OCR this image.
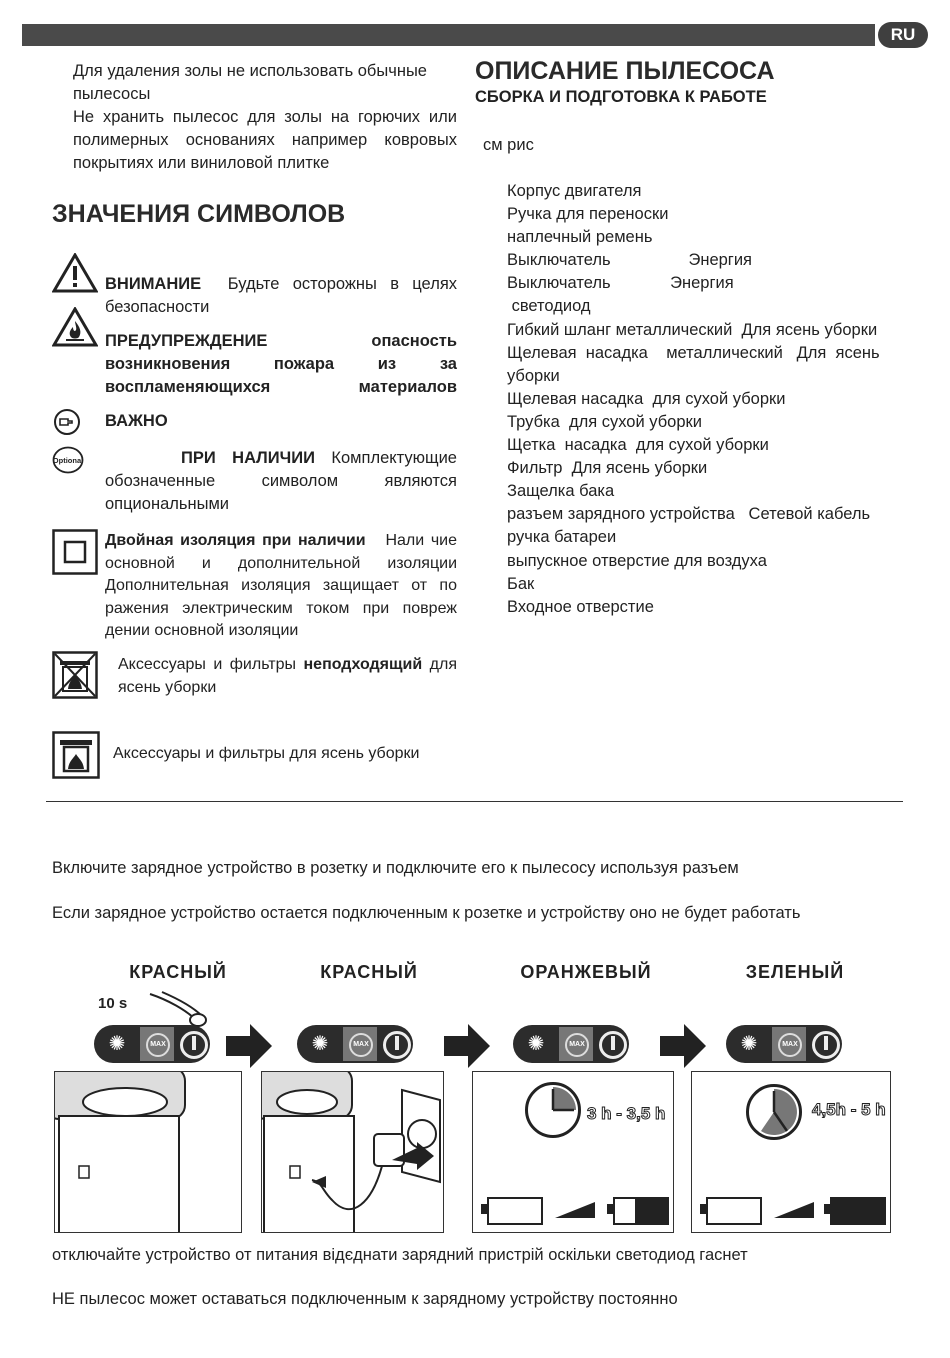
RU
Для удаления золы не использовать обычные пылесосы
Не хранить пылесос для золы на горючих или полимерных основаниях например ковровых покрытиях или виниловой плитке
ЗНАЧЕНИЯ СИМВОЛОВ
ВНИМАНИЕ Будьте осторожны в целях безопасности
ПРЕДУПРЕЖДЕНИЕ опасность возникновения пожара из за воспламеняющихся материалов
ВАЖНО
Optional	ПРИ НАЛИЧИИ Комплектующие обозначенные символом являются опциональными
Двойная изоляция при наличии Нали чие основной и дополнительной изоляции Дополнительная изоляция защищает от по ражения электрическим током при повреж дении основной изоляции
Аксессуары и фильтры неподходящий для ясень уборки
Аксессуары и фильтры для ясень уборки
ОПИСАНИЕ ПЫЛЕСОСА
СБОРКА И ПОДГОТОВКА К РАБОТЕ
см рис
Корпус двигателя
Ручка для переноски
наплечный ремень
Выключатель                 Энергия
Выключатель             Энергия
светодиод
Гибкий шланг металлический  Для ясень уборки
Щелевая  насадка    металлический   Для  ясень
уборки
Щелевая насадка  для сухой уборки
Трубка  для сухой уборки
Щетка  насадка  для сухой уборки
Фильтр  Для ясень уборки
Защелка бака
разъем зарядного устройства   Сетевой кабель
ручка батареи
выпускное отверстие для воздуха
Бак
Входное отверстие
Включите зарядное устройство в розетку и подключите его к пылесосу используя разъем
Если зарядное устройство остается подключенным к розетке и устройству оно не будет работать
КРАСНЫЙ	КРАСНЫЙ	ОРАНЖЕВЫЙ	ЗЕЛЕНЫЙ
10 s
✺	MAX	✺	MAX	✺	MAX	✺	MAX
3 h - 3,5 h	4,5h - 5 h
отключайте устройство от питания відєднати зарядний пристрій оскільки светодиод гаснет
НЕ пылесос может оставаться подключенным к зарядному устройству постоянно
